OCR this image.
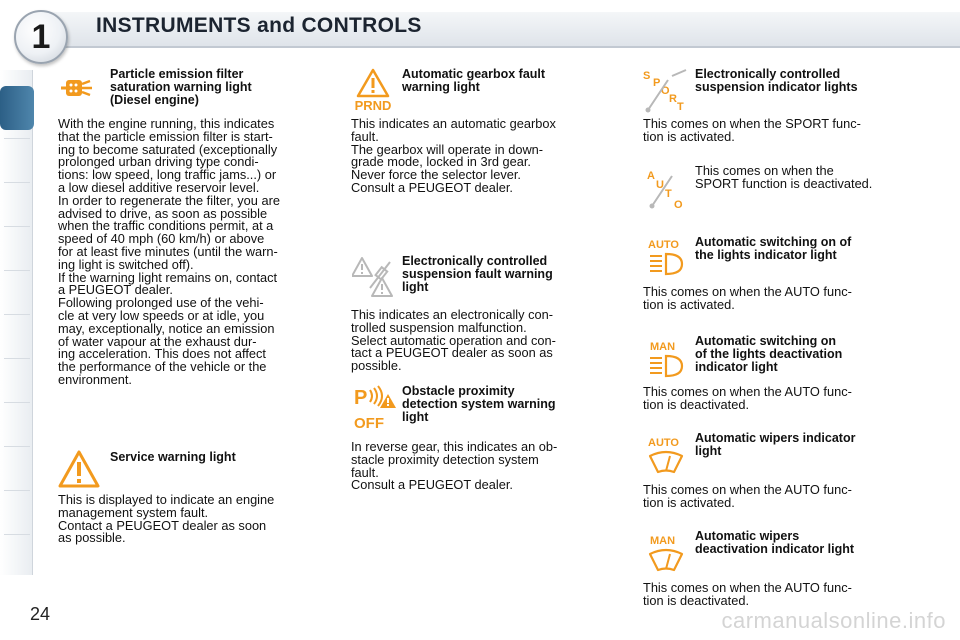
1	INSTRUMENTS and CONTROLS
Particle emission filter
saturation warning light
(Diesel engine)
With the engine running, this indicates
that the particle emission filter is start-
ing to become saturated (exceptionally
prolonged urban driving type condi-
tions: low speed, long traffic jams...) or
a low diesel additive reservoir level.
In order to regenerate the filter, you are
advised to drive, as soon as possible
when the traffic conditions permit, at a
speed of 40 mph (60 km/h) or above
for at least five minutes (until the warn-
ing light is switched off).
If the warning light remains on, contact
a PEUGEOT dealer.
Following prolonged use of the vehi-
cle at very low speeds or at idle, you
may, exceptionally, notice an emission
of water vapour at the exhaust dur-
ing acceleration. This does not affect
the performance of the vehicle or the
environment.
Service warning light
This is displayed to indicate an engine
management system fault.
Contact a PEUGEOT dealer as soon
as possible.
PRND
Automatic gearbox fault
warning light
This indicates an automatic gearbox
fault.
The gearbox will operate in down-
grade mode, locked in 3rd gear.
Never force the selector lever.
Consult a PEUGEOT dealer.
Electronically controlled
suspension fault warning
light
This indicates an electronically con-
trolled suspension malfunction.
Select automatic operation and con-
tact a PEUGEOT dealer as soon as
possible.
P
OFF
Obstacle proximity
detection system warning
light
In reverse gear, this indicates an ob-
stacle proximity detection system
fault.
Consult a PEUGEOT dealer.
S
P
O
R
T
Electronically controlled
suspension indicator lights
This comes on when the SPORT func-
tion is activated.
A
U
T
O
This comes on when the
SPORT function is deactivated.
AUTO Automatic switching on of
the lights indicator light
This comes on when the AUTO func-
tion is activated.
MAN Automatic switching on
of the lights deactivation
indicator light
This comes on when the AUTO func-
tion is deactivated.
AUTO Automatic wipers indicator
light
This comes on when the AUTO func-
tion is activated.
MAN Automatic wipers
deactivation indicator light
This comes on when the AUTO func-
tion is deactivated.
24	carmanualsonline.info
